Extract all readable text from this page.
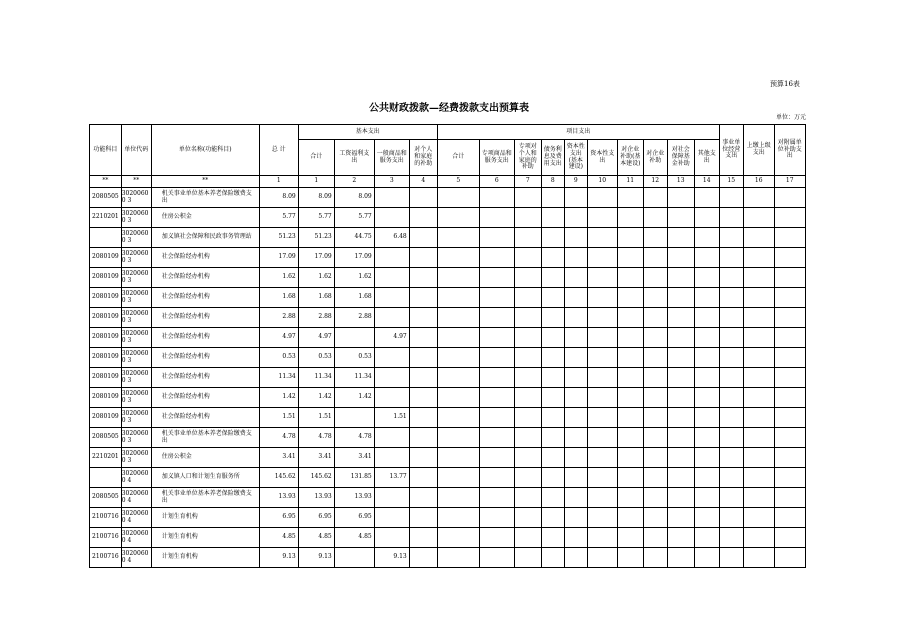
预算16表
公共财政拨款—经费拨款支出预算表
单位：万元
功能科目	单位代码	单位名称(功能科目)	总 计	基本支出				项目支出										事业单位经营支出	上缴上级支出	对附属单位补助支出
				合计	工资福利支出	一般商品和服务支出	对个人和家庭的补助	合计	专项商品和服务支出	专项对个人和家庭的补助	债务利息及费用支出	资本性支出(基本建设)	资本性支出	对企业补助(基本建设)	对企业补助	对社会保障基金补助	其他支出			
**	**	**	1	1	2	3	4	5	6	7	8	9	10	11	12	13	14	15	16	17
2080505	30200600 3	机关事业单位基本养老保险缴费支出	8.09	8.09	8.09															
2210201	30200600 3	住房公积金	5.77	5.77	5.77															
	30200600 3	加义镇社会保障和民政事务管理站	51.23	51.23	44.75	6.48														
2080109	30200600 3	社会保险经办机构	17.09	17.09	17.09															
2080109	30200600 3	社会保险经办机构	1.62	1.62	1.62															
2080109	30200600 3	社会保险经办机构	1.68	1.68	1.68															
2080109	30200600 3	社会保险经办机构	2.88	2.88	2.88															
2080109	30200600 3	社会保险经办机构	4.97	4.97		4.97														
2080109	30200600 3	社会保险经办机构	0.53	0.53	0.53															
2080109	30200600 3	社会保险经办机构	11.34	11.34	11.34															
2080109	30200600 3	社会保险经办机构	1.42	1.42	1.42															
2080109	30200600 3	社会保险经办机构	1.51	1.51		1.51														
2080505	30200600 3	机关事业单位基本养老保险缴费支出	4.78	4.78	4.78															
2210201	30200600 3	住房公积金	3.41	3.41	3.41															
	30200600 4	加义镇人口和计划生育服务所	145.62	145.62	131.85	13.77														
2080505	30200600 4	机关事业单位基本养老保险缴费支出	13.93	13.93	13.93															
2100716	30200600 4	计划生育机构	6.95	6.95	6.95															
2100716	30200600 4	计划生育机构	4.85	4.85	4.85															
2100716	30200600 4	计划生育机构	9.13	9.13		9.13														
